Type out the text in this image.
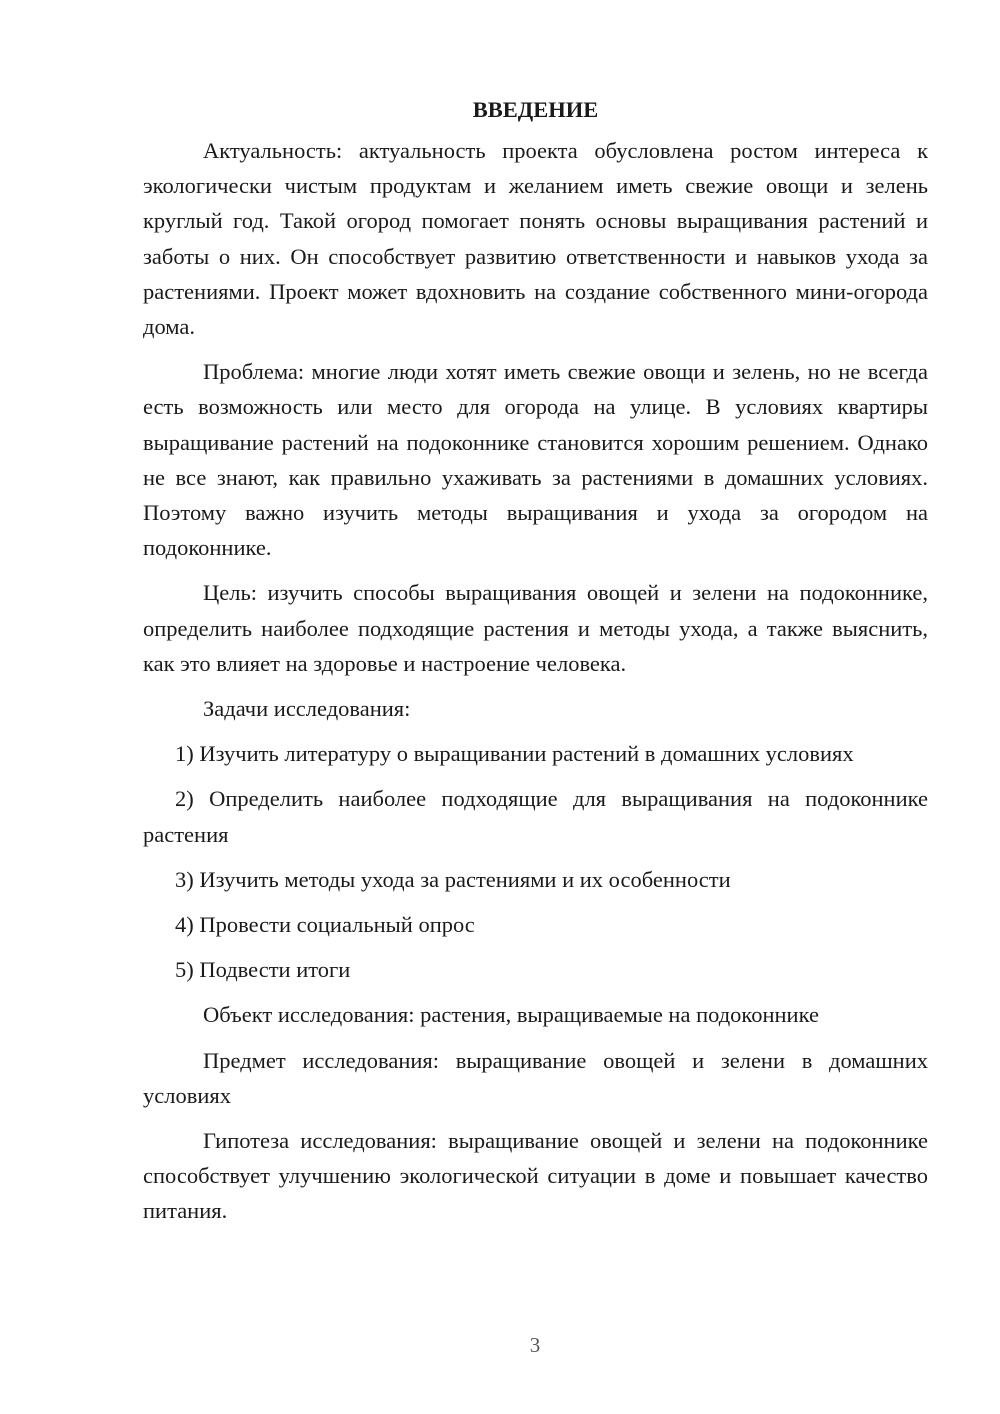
ВВЕДЕНИЕ

Актуальность: актуальность проекта обусловлена ростом интереса к экологически чистым продуктам и желанием иметь свежие овощи и зелень круглый год. Такой огород помогает понять основы выращивания растений и заботы о них. Он способствует развитию ответственности и навыков ухода за растениями. Проект может вдохновить на создание собственного мини-огорода дома.

Проблема: многие люди хотят иметь свежие овощи и зелень, но не всегда есть возможность или место для огорода на улице. В условиях квартиры выращивание растений на подоконнике становится хорошим решением. Однако не все знают, как правильно ухаживать за растениями в домашних условиях. Поэтому важно изучить методы выращивания и ухода за огородом на подоконнике.

Цель: изучить способы выращивания овощей и зелени на подоконнике, определить наиболее подходящие растения и методы ухода, а также выяснить, как это влияет на здоровье и настроение человека.

Задачи исследования:

1) Изучить литературу о выращивании растений в домашних условиях

2) Определить наиболее подходящие для выращивания на подоконнике растения

3) Изучить методы ухода за растениями и их особенности

4) Провести социальный опрос

5) Подвести итоги

Объект исследования: растения, выращиваемые на подоконнике

Предмет исследования: выращивание овощей и зелени в домашних условиях

Гипотеза исследования: выращивание овощей и зелени на подоконнике способствует улучшению экологической ситуации в доме и повышает качество питания.

3
